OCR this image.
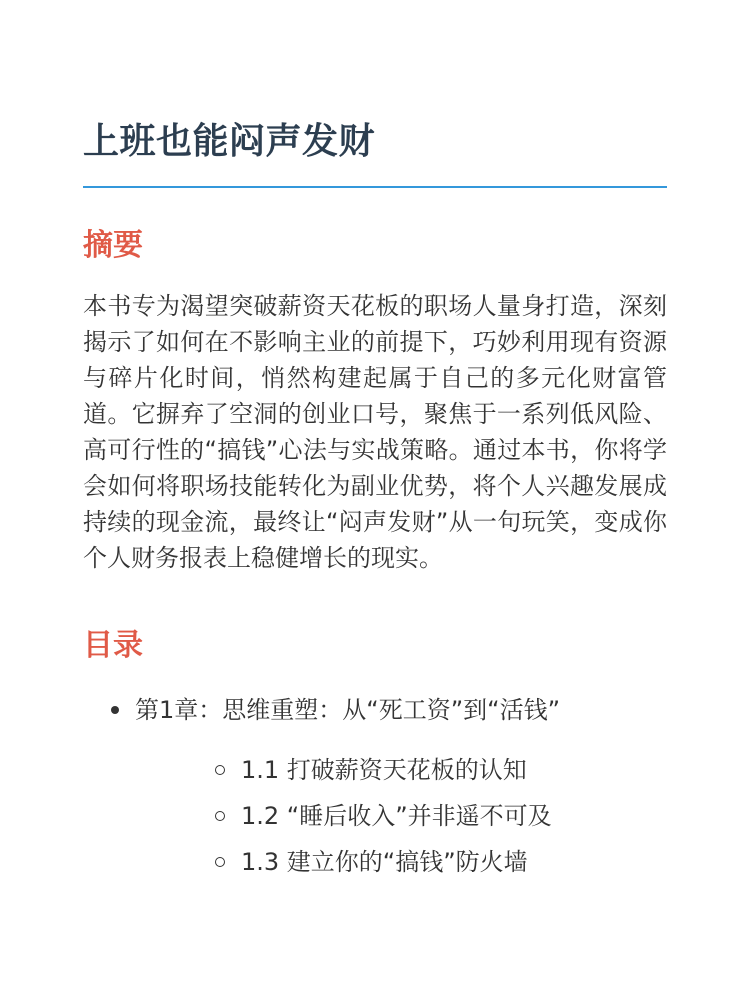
上班也能闷声发财
摘要

本书专为渴望突破薪资天花板的职场人量身打造，深刻揭示了如何在不影响主业的前提下，巧妙利用现有资源与碎片化时间，悄然构建起属于自己的多元化财富管道。它摒弃了空洞的创业口号，聚焦于一系列低风险、高可行性的“搞钱”心法与实战策略。通过本书，你将学会如何将职场技能转化为副业优势，将个人兴趣发展成持续的现金流，最终让“闷声发财”从一句玩笑，变成你个人财务报表上稳健增长的现实。

目录
第1章：思维重塑：从“死工资”到“活钱”
1.1 打破薪资天花板的认知
1.2 “睡后收入”并非遥不可及
1.3 建立你的“搞钱”防火墙
